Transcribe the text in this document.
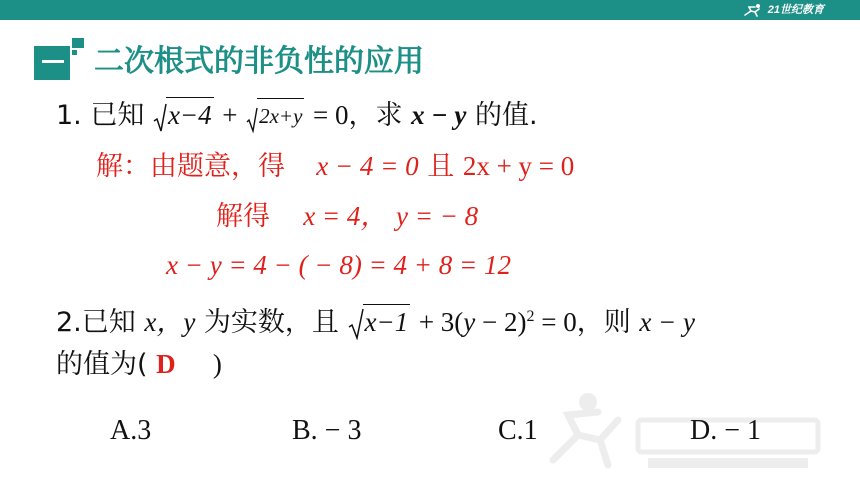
21世纪教育
二次根式的非负性的应用
1. 已知 x−4 + 2x+y = 0，求 x − y 的值.
解：由题意，得 x − 4 = 0 且 2x + y = 0
解得 x = 4， y = − 8
x − y = 4 − ( − 8) = 4 + 8 = 12
2.已知 x，y 为实数，且 $x-1 + 3(y - 2)^2 = 0$，则 x − y
的值为( D )
A.3	B. − 3	C.1	D. − 1
